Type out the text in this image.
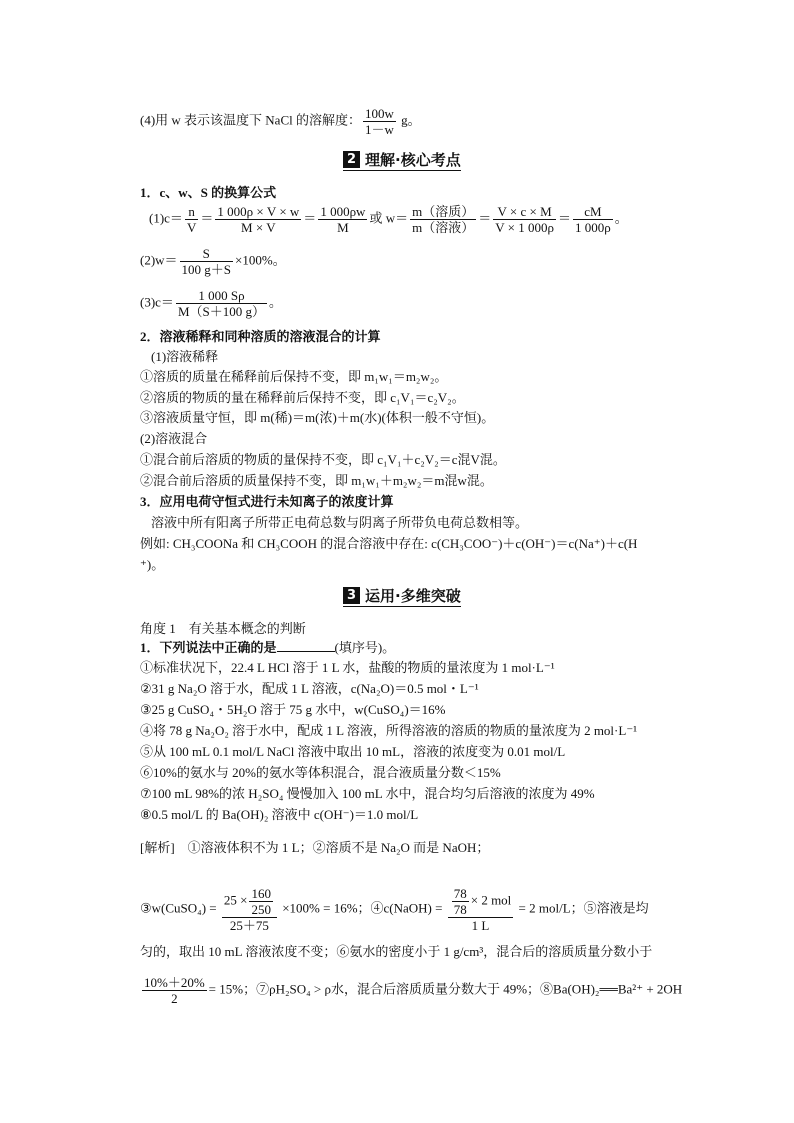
(4)用 w 表示该温度下 NaCl 的溶解度： $\frac{100w}{1-w}$ g。
2 理解·核心考点
1．c、w、S 的换算公式
$(1)c= \frac{n}{V} = \frac{1 000\rho \times V \times w}{M \times V} = \frac{1 000\rho w}{M}$ 或 $w= \frac{\text{m（溶质）}}{\text{m（溶液）}} = \frac{V \times c \times M}{V \times 1 000\rho} = \frac{cM}{1 000\rho}$ 。
$(2)w= \frac{S}{100 g+S} \times 100\%$。
$(3)c= \frac{1 000 S\rho}{M(S+100 g)}$ 。
2．溶液稀释和同种溶质的溶液混合的计算
(1)溶液稀释
①溶质的质量在稀释前后保持不变，即 m₁w₁＝m₂w₂。
②溶质的物质的量在稀释前后保持不变，即 c₁V₁＝c₂V₂。
③溶液质量守恒，即 m(稀)＝m(浓)＋m(水)(体积一般不守恒)。
(2)溶液混合
①混合前后溶质的物质的量保持不变，即 c₁V₁＋c₂V₂＝c混V混。
②混合前后溶质的质量保持不变，即 m₁w₁＋m₂w₂＝m混w混。
3．应用电荷守恒式进行未知离子的浓度计算
溶液中所有阳离子所带正电荷总数与阴离子所带负电荷总数相等。
例如: CH₃COONa 和 CH₃COOH 的混合溶液中存在: c(CH₃COO⁻)＋c(OH⁻)＝c(Na⁺)＋c(H
⁺)。
3 运用·多维突破
角度 1　有关基本概念的判断
1．下列说法中正确的是	(填序号)。
①标准状况下，22.4 L HCl 溶于 1 L 水，盐酸的物质的量浓度为 1 mol·L⁻¹
②31 g Na₂O 溶于水，配成 1 L 溶液，c(Na₂O)＝0.5 mol・L⁻¹
③25 g CuSO₄・5H₂O 溶于 75 g 水中，w(CuSO₄)＝16%
④将 78 g Na₂O₂ 溶于水中，配成 1 L 溶液，所得溶液的溶质的物质的量浓度为 2 mol·L⁻¹
⑤从 100 mL 0.1 mol/L NaCl 溶液中取出 10 mL，溶液的浓度变为 0.01 mol/L
⑥10%的氨水与 20%的氨水等体积混合，混合液质量分数＜15%
⑦100 mL 98%的浓 H₂SO₄ 慢慢加入 100 mL 水中，混合均匀后溶液的浓度为 49%
⑧0.5 mol/L 的 Ba(OH)₂ 溶液中 c(OH⁻)＝1.0 mol/L
[解析]　①溶液体积不为 1 L；②溶质不是 Na₂O 而是 NaOH；
③w(CuSO₄) = $\frac{25 \times \frac{160}{250}}{25+75} \times 100\% = 16\%$；④c(NaOH) = $\frac{\frac{78}{78} \times 2 mol}{1 L} = 2$ mol/L；⑤溶液是均
匀的，取出 10 mL 溶液浓度不变；⑥氨水的密度小于 1 g/cm³，混合后的溶质质量分数小于
$\frac{10\%+20\%}{2} = 15\%$；⑦ρH₂SO₄ > ρ水，混合后溶质质量分数大于 49%；⑧Ba(OH)₂══Ba²⁺ + 2OH
